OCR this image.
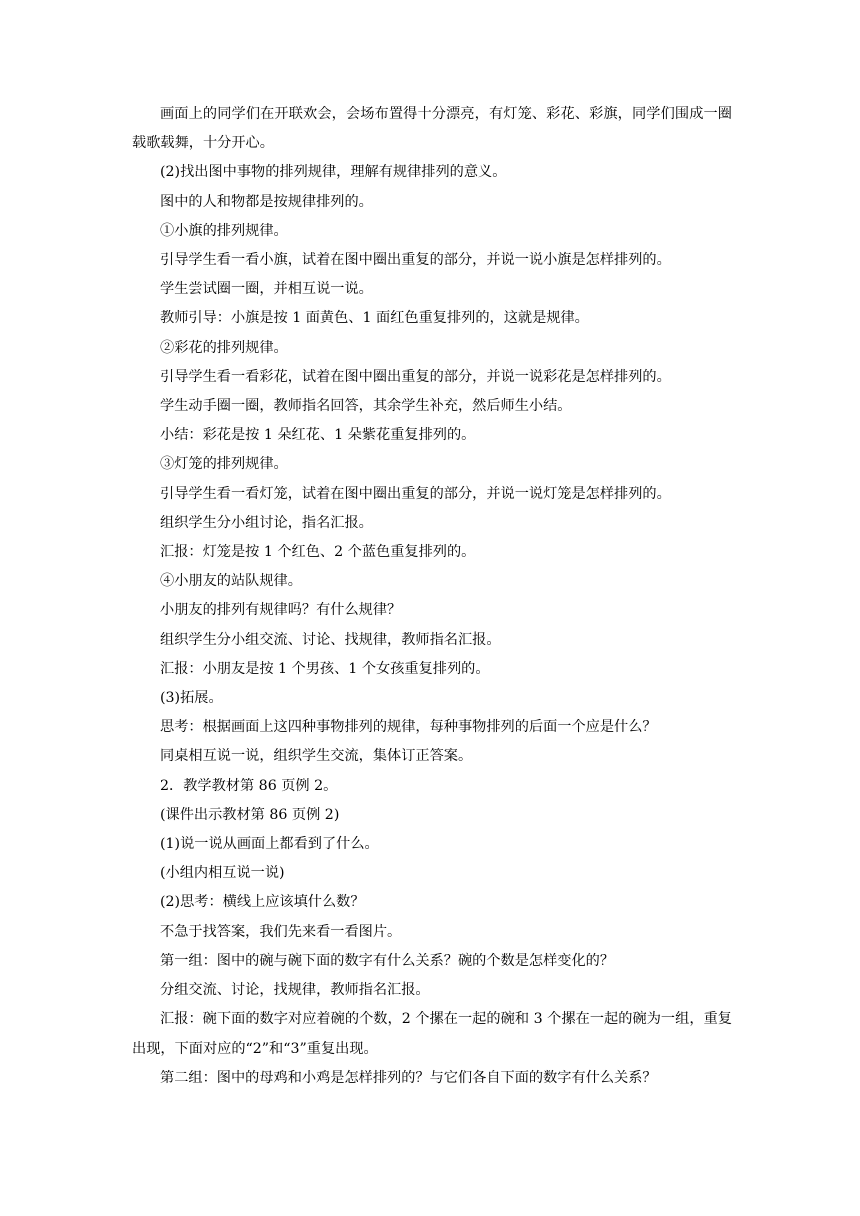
画面上的同学们在开联欢会，会场布置得十分漂亮，有灯笼、彩花、彩旗，同学们围成一圈载歌载舞，十分开心。

(2)找出图中事物的排列规律，理解有规律排列的意义。

图中的人和物都是按规律排列的。

①小旗的排列规律。

引导学生看一看小旗，试着在图中圈出重复的部分，并说一说小旗是怎样排列的。

学生尝试圈一圈，并相互说一说。

教师引导：小旗是按 1 面黄色、1 面红色重复排列的，这就是规律。

②彩花的排列规律。

引导学生看一看彩花，试着在图中圈出重复的部分，并说一说彩花是怎样排列的。

学生动手圈一圈，教师指名回答，其余学生补充，然后师生小结。

小结：彩花是按 1 朵红花、1 朵紫花重复排列的。

③灯笼的排列规律。

引导学生看一看灯笼，试着在图中圈出重复的部分，并说一说灯笼是怎样排列的。

组织学生分小组讨论，指名汇报。

汇报：灯笼是按 1 个红色、2 个蓝色重复排列的。

④小朋友的站队规律。

小朋友的排列有规律吗？有什么规律？

组织学生分小组交流、讨论、找规律，教师指名汇报。

汇报：小朋友是按 1 个男孩、1 个女孩重复排列的。

(3)拓展。

思考：根据画面上这四种事物排列的规律，每种事物排列的后面一个应是什么？

同桌相互说一说，组织学生交流，集体订正答案。

2．教学教材第 86 页例 2。

(课件出示教材第 86 页例 2)

(1)说一说从画面上都看到了什么。

(小组内相互说一说)

(2)思考：横线上应该填什么数？

不急于找答案，我们先来看一看图片。

第一组：图中的碗与碗下面的数字有什么关系？碗的个数是怎样变化的？

分组交流、讨论，找规律，教师指名汇报。

汇报：碗下面的数字对应着碗的个数，2 个摞在一起的碗和 3 个摞在一起的碗为一组，重复出现，下面对应的“2”和“3”重复出现。

第二组：图中的母鸡和小鸡是怎样排列的？与它们各自下面的数字有什么关系？
